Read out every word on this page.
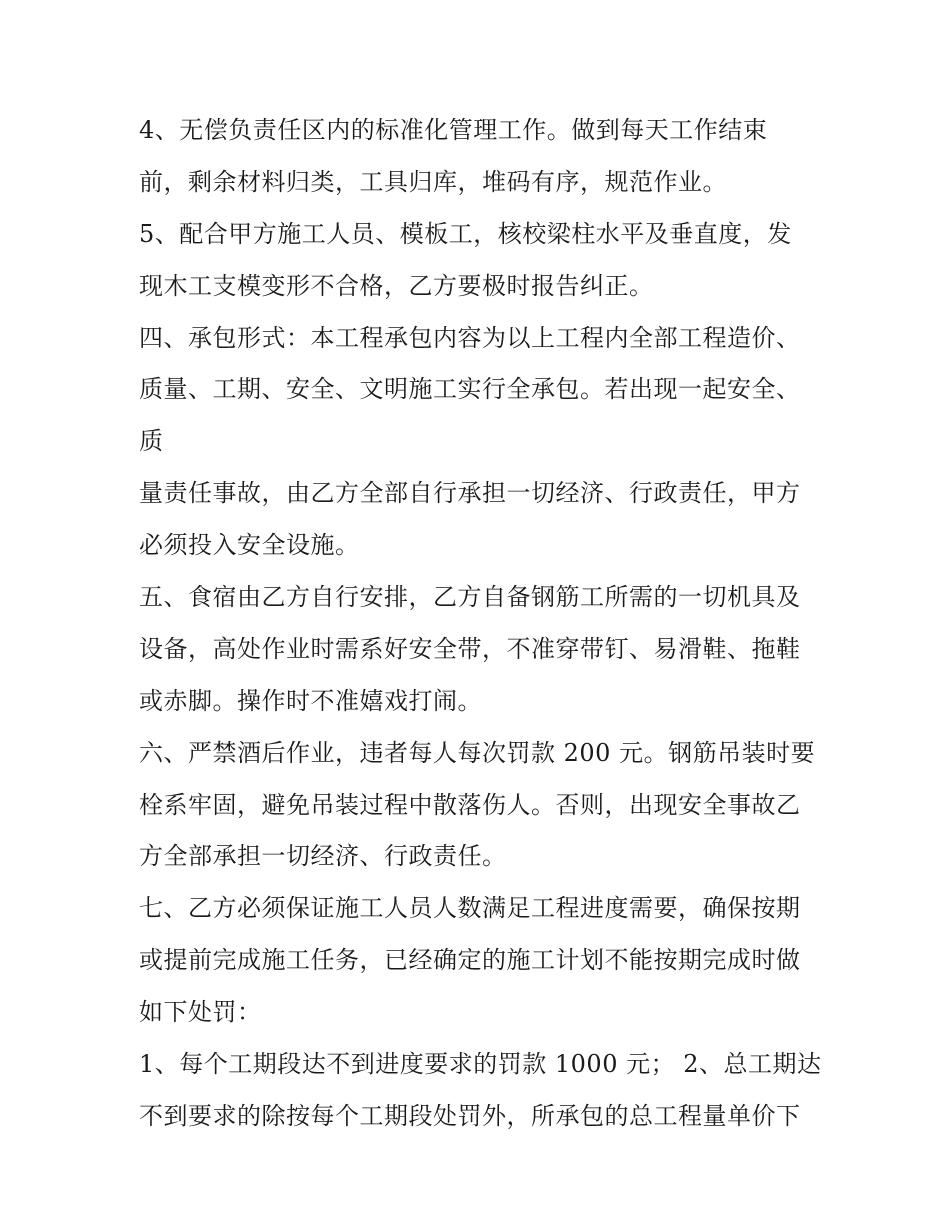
4、无偿负责任区内的标准化管理工作。做到每天工作结束
前，剩余材料归类，工具归库，堆码有序，规范作业。
5、配合甲方施工人员、模板工，核校梁柱水平及垂直度，发
现木工支模变形不合格，乙方要极时报告纠正。
四、承包形式：本工程承包内容为以上工程内全部工程造价、
质量、工期、安全、文明施工实行全承包。若出现一起安全、
质
量责任事故，由乙方全部自行承担一切经济、行政责任，甲方
必须投入安全设施。
五、食宿由乙方自行安排，乙方自备钢筋工所需的一切机具及
设备，高处作业时需系好安全带，不准穿带钉、易滑鞋、拖鞋
或赤脚。操作时不准嬉戏打闹。
六、严禁酒后作业，违者每人每次罚款 200 元。钢筋吊装时要
栓系牢固，避免吊装过程中散落伤人。否则，出现安全事故乙
方全部承担一切经济、行政责任。
七、乙方必须保证施工人员人数满足工程进度需要，确保按期
或提前完成施工任务，已经确定的施工计划不能按期完成时做
如下处罚：
1、每个工期段达不到进度要求的罚款 1000 元； 2、总工期达
不到要求的除按每个工期段处罚外，所承包的总工程量单价下
